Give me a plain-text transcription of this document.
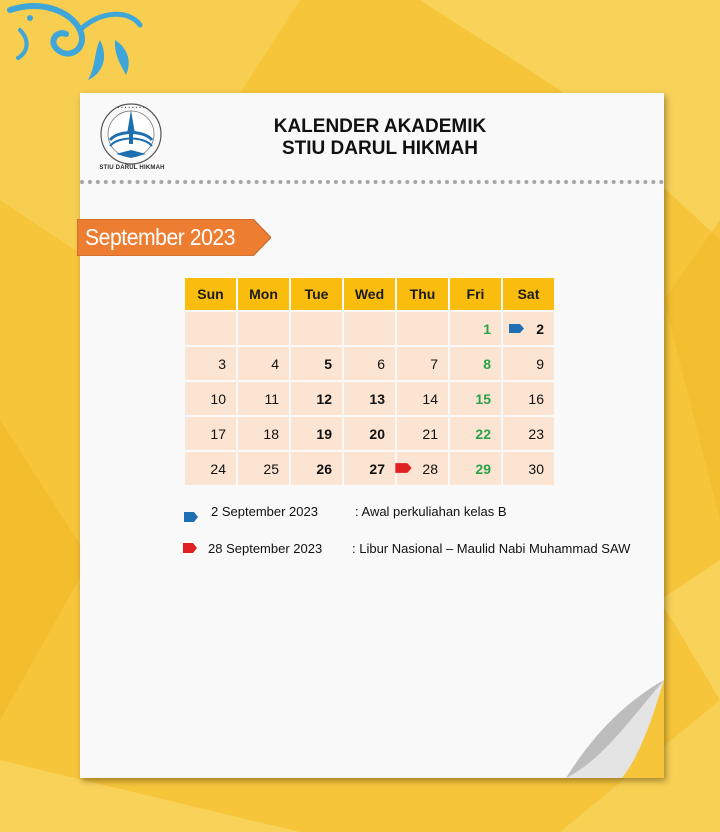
• • • • • • • •
STIU DARUL HIKMAH
KALENDER AKADEMIK
STIU DARUL HIKMAH
September 2023
Sun	Mon	Tue	Wed	Thu	Fri	Sat
					1	2
3	4	5	6	7	8	9
10	11	12	13	14	15	16
17	18	19	20	21	22	23
24	25	26	27	28	29	30
2 September 2023	: Awal perkuliahan kelas B
28 September 2023 : Libur Nasional – Maulid Nabi Muhammad SAW
